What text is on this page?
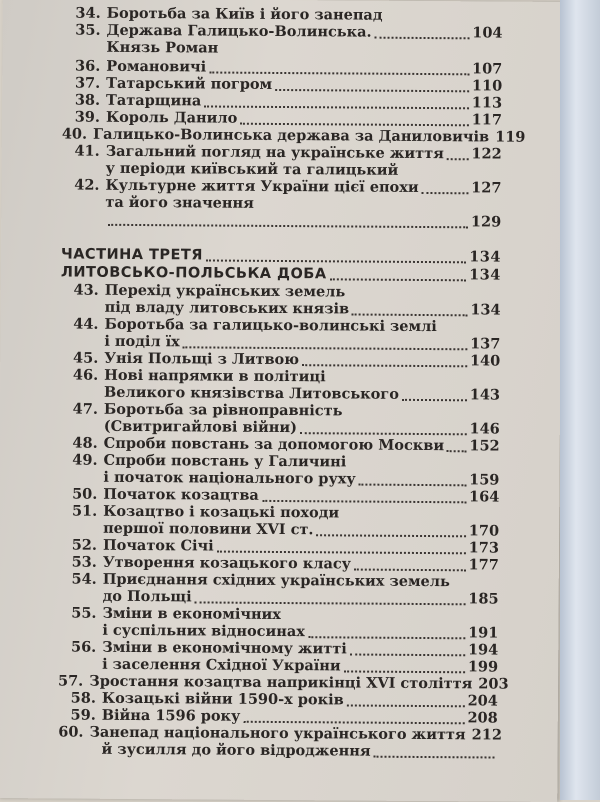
34. Боротьба за Київ і його занепад
35. Держава Галицько-Волинська.	104
Князь Роман
36. Романовичі	107
37. Татарський погром	110
38. Татарщина	113
39. Король Данило	117
40. Галицько-Волинська держава за Даниловичів 119
41. Загальний погляд на українське життя 122
у періоди київський та галицький
42. Культурне життя України цієї епохи	127
та його значення
129
ЧАСТИНА ТРЕТЯ	134
ЛИТОВСЬКО-ПОЛЬСЬКА ДОБА	134
43. Перехід українських земель
під владу литовських князів	134
44. Боротьба за галицько-волинські землі
і поділ їх	137
45. Унія Польщі з Литвою	140
46. Нові напрямки в політиці
Великого князівства Литовського	143
47. Боротьба за рівноправність
(Свитригайлові війни)	146
48. Спроби повстань за допомогою Москви 152
49. Спроби повстань у Галичині
і початок національного руху	159
50. Початок козацтва	164
51. Козацтво і козацькі походи
першої половини XVI ст.	170
52. Початок Січі	173
53. Утворення козацького класу	177
54. Приєднання східних українських земель
до Польщі	185
55. Зміни в економічних
і суспільних відносинах	191
56. Зміни в економічному житті	194
і заселення Східної України	199
57. Зростання козацтва наприкінці XVI століття 203
58. Козацькі війни 1590-х років	204
59. Війна 1596 року	208
60. Занепад національного українського життя 212
й зусилля до його відродження
